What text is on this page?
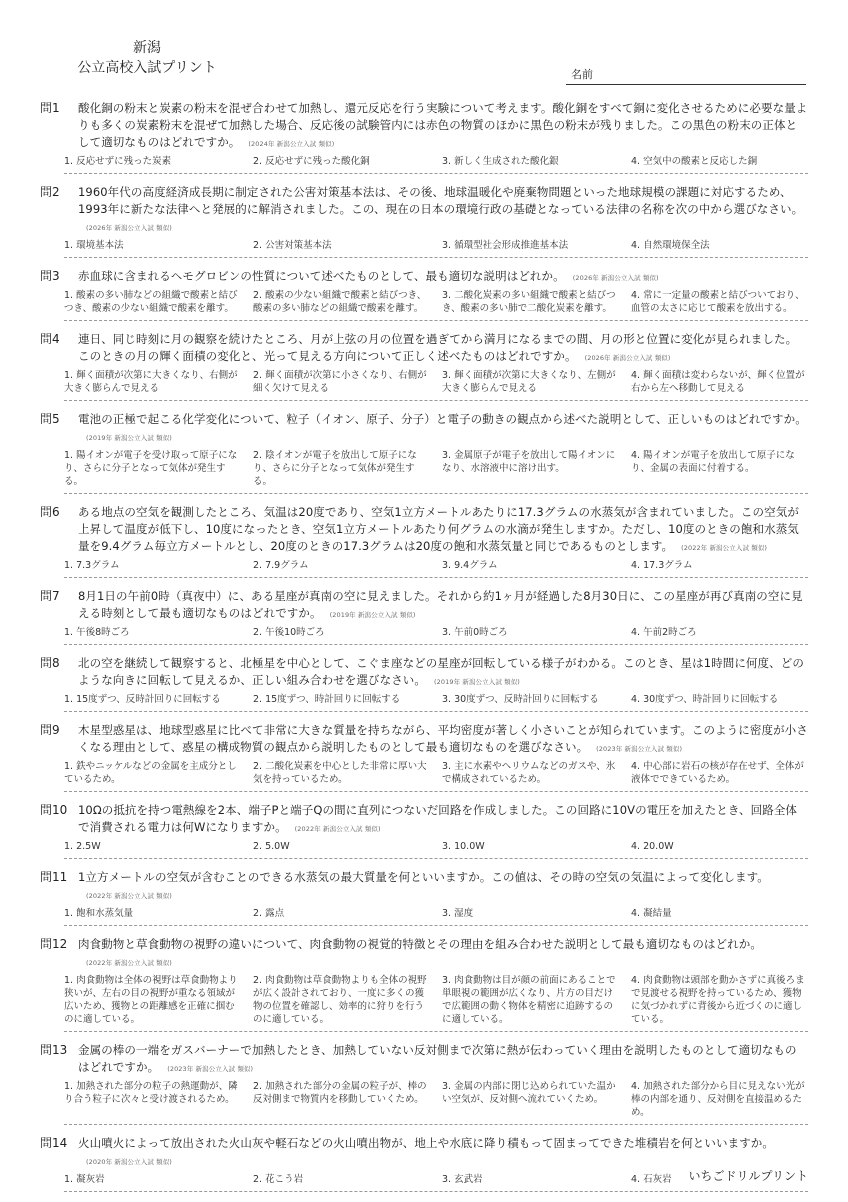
新潟
公立高校入試プリント	名前
問1	酸化銅の粉末と炭素の粉末を混ぜ合わせて加熱し、還元反応を行う実験について考えます。酸化銅をすべて銅に変化させるために必要な量よりも多くの炭素粉末を混ぜて加熱した場合、反応後の試験管内には赤色の物質のほかに黒色の粉末が残りました。この黒色の粉末の正体として適切なものはどれですか。 (2024年 新潟公立入試 類似)
1. 反応せずに残った炭素	2. 反応せずに残った酸化銅	3. 新しく生成された酸化銀	4. 空気中の酸素と反応した銅
問2	1960年代の高度経済成長期に制定された公害対策基本法は、その後、地球温暖化や廃棄物問題といった地球規模の課題に対応するため、1993年に新たな法律へと発展的に解消されました。この、現在の日本の環境行政の基礎となっている法律の名称を次の中から選びなさい。(2026年 新潟公立入試 類似)
1. 環境基本法	2. 公害対策基本法	3. 循環型社会形成推進基本法	4. 自然環境保全法
問3	赤血球に含まれるヘモグロビンの性質について述べたものとして、最も適切な説明はどれか。 (2026年 新潟公立入試 類似)
1. 酸素の多い肺などの組織で酸素と結びつき、酸素の少ない組織で酸素を離す。
2. 酸素の少ない組織で酸素と結びつき、酸素の多い肺などの組織で酸素を離す。
3. 二酸化炭素の多い組織で酸素と結びつき、酸素の多い肺で二酸化炭素を離す。
4. 常に一定量の酸素と結びついており、血管の太さに応じて酸素を放出する。
問4	連日、同じ時刻に月の観察を続けたところ、月が上弦の月の位置を過ぎてから満月になるまでの間、月の形と位置に変化が見られました。このときの月の輝く面積の変化と、光って見える方向について正しく述べたものはどれですか。 (2026年 新潟公立入試 類似)
1. 輝く面積が次第に大きくなり、右側が大きく膨らんで見える
2. 輝く面積が次第に小さくなり、右側が細く欠けて見える
3. 輝く面積が次第に大きくなり、左側が大きく膨らんで見える
4. 輝く面積は変わらないが、輝く位置が右から左へ移動して見える
問5	電池の正極で起こる化学変化について、粒子（イオン、原子、分子）と電子の動きの観点から述べた説明として、正しいものはどれですか。(2019年 新潟公立入試 類似)
1. 陽イオンが電子を受け取って原子になり、さらに分子となって気体が発生する。
2. 陰イオンが電子を放出して原子になり、さらに分子となって気体が発生する。
3. 金属原子が電子を放出して陽イオンになり、水溶液中に溶け出す。
4. 陽イオンが電子を放出して原子になり、金属の表面に付着する。
問6	ある地点の空気を観測したところ、気温は20度であり、空気1立方メートルあたりに17.3グラムの水蒸気が含まれていました。この空気が上昇して温度が低下し、10度になったとき、空気1立方メートルあたり何グラムの水滴が発生しますか。ただし、10度のときの飽和水蒸気量を9.4グラム毎立方メートルとし、20度のときの17.3グラムは20度の飽和水蒸気量と同じであるものとします。 (2022年 新潟公立入試 類似)
1. 7.3グラム	2. 7.9グラム	3. 9.4グラム	4. 17.3グラム
問7	8月1日の午前0時（真夜中）に、ある星座が真南の空に見えました。それから約1ヶ月が経過した8月30日に、この星座が再び真南の空に見える時刻として最も適切なものはどれですか。 (2019年 新潟公立入試 類似)
1. 午後8時ごろ	2. 午後10時ごろ	3. 午前0時ごろ	4. 午前2時ごろ
問8	北の空を継続して観察すると、北極星を中心として、こぐま座などの星座が回転している様子がわかる。このとき、星は1時間に何度、どのような向きに回転して見えるか、正しい組み合わせを選びなさい。 (2019年 新潟公立入試 類似)
1. 15度ずつ、反時計回りに回転する	2. 15度ずつ、時計回りに回転する	3. 30度ずつ、反時計回りに回転する	4. 30度ずつ、時計回りに回転する
問9	木星型惑星は、地球型惑星に比べて非常に大きな質量を持ちながら、平均密度が著しく小さいことが知られています。このように密度が小さくなる理由として、惑星の構成物質の観点から説明したものとして最も適切なものを選びなさい。 (2023年 新潟公立入試 類似)
1. 鉄やニッケルなどの金属を主成分としているため。
2. 二酸化炭素を中心とした非常に厚い大気を持っているため。
3. 主に水素やヘリウムなどのガスや、氷で構成されているため。
4. 中心部に岩石の核が存在せず、全体が液体でできているため。
問10 10Ωの抵抗を持つ電熱線を2本、端子Pと端子Qの間に直列につないだ回路を作成しました。この回路に10Vの電圧を加えたとき、回路全体で消費される電力は何Wになりますか。 (2022年 新潟公立入試 類似)
1. 2.5W	2. 5.0W	3. 10.0W	4. 20.0W
問11 1立方メートルの空気が含むことのできる水蒸気の最大質量を何といいますか。この値は、その時の空気の気温によって変化します。(2022年 新潟公立入試 類似)
1. 飽和水蒸気量	2. 露点	3. 湿度	4. 凝結量
問12 肉食動物と草食動物の視野の違いについて、肉食動物の視覚的特徴とその理由を組み合わせた説明として最も適切なものはどれか。(2022年 新潟公立入試 類似)
1. 肉食動物は全体の視野は草食動物より狭いが、左右の目の視野が重なる領域が広いため、獲物との距離感を正確に掴むのに適している。
2. 肉食動物は草食動物よりも全体の視野が広く設計されており、一度に多くの獲物の位置を確認し、効率的に狩りを行うのに適している。
3. 肉食動物は目が顔の前面にあることで単眼視の範囲が広くなり、片方の目だけで広範囲の動く物体を精密に追跡するのに適している。
4. 肉食動物は頭部を動かさずに真後ろまで見渡せる視野を持っているため、獲物に気づかれずに背後から近づくのに適している。
問13 金属の棒の一端をガスバーナーで加熱したとき、加熱していない反対側まで次第に熱が伝わっていく理由を説明したものとして適切なものはどれですか。 (2023年 新潟公立入試 類似)
1. 加熱された部分の粒子の熱運動が、隣り合う粒子に次々と受け渡されるため。
2. 加熱された部分の金属の粒子が、棒の反対側まで物質内を移動していくため。
3. 金属の内部に閉じ込められていた温かい空気が、反対側へ流れていくため。
4. 加熱された部分から目に見えない光が棒の内部を通り、反対側を直接温めるため。
問14 火山噴火によって放出された火山灰や軽石などの火山噴出物が、地上や水底に降り積もって固まってできた堆積岩を何といいますか。(2020年 新潟公立入試 類似)
1. 凝灰岩	2. 花こう岩	3. 玄武岩	4. 石灰岩	いちごドリルプリント
